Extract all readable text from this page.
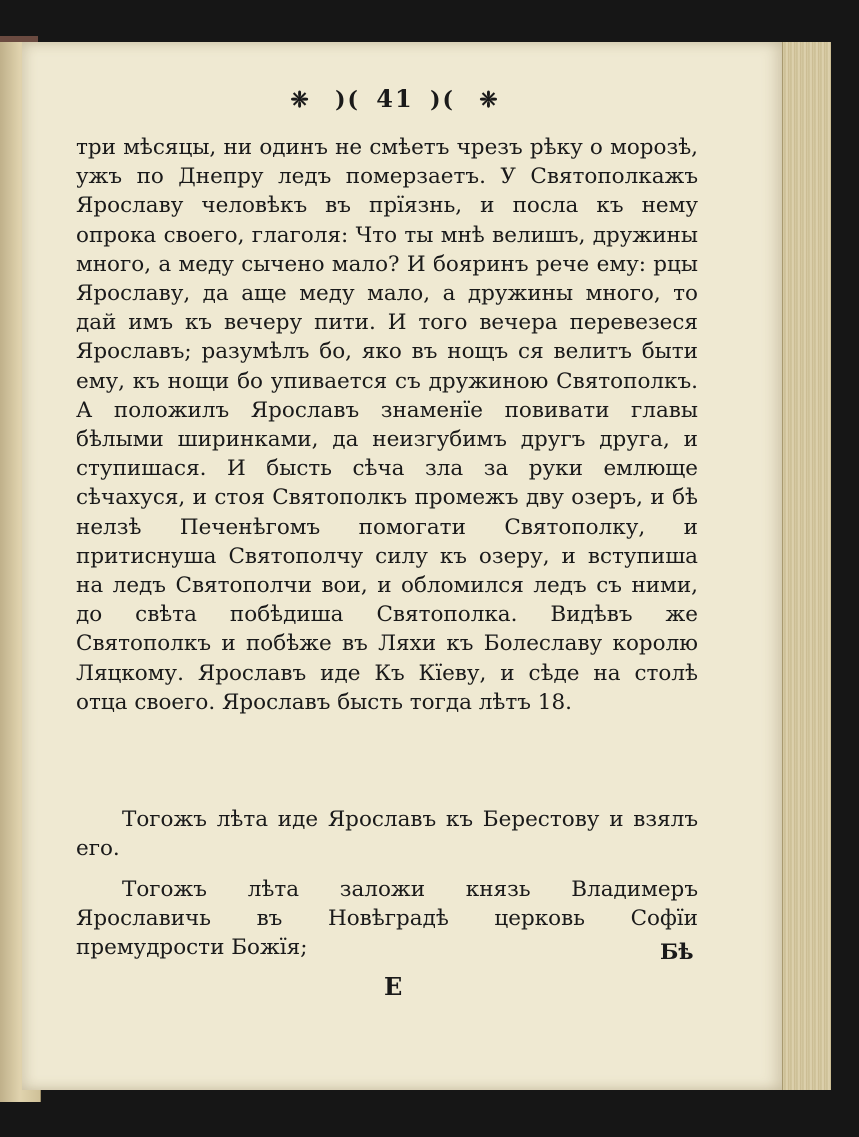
❈ )( 41 )( ❈
три мѣсяцы, ни одинъ не смѣетъ чрезъ рѣку о морозѣ, ужъ по Днепру ледъ померзаетъ. У Святополкажъ Ярославу человѣкъ въ прїязнь, и посла къ нему опрока своего, глаголя: Что ты мнѣ велишъ, дружины много, а меду сычено мало? И бояринъ рече ему: рцы Ярославу, да аще меду мало, а дружины много, то дай имъ къ вечеру пити. И того вечера перевезеся Ярославъ; разумѣлъ бо, яко въ нощъ ся велитъ быти ему, къ нощи бо упивается съ дружиною Святополкъ. А положилъ Ярославъ знаменїе повивати главы бѣлыми ширинками, да неизгубимъ другъ друга, и ступишася. И бысть сѣча зла за руки емлюще сѣчахуся, и стоя Святополкъ промежъ дву озеръ, и бѣ нелзѣ Печенѣгомъ помогати Святополку, и притиснуша Святополчу силу къ озеру, и вступиша на ледъ Святополчи вои, и обломился ледъ съ ними, до свѣта побѣдиша Святополка. Видѣвъ же Святополкъ и побѣже въ Ляхи къ Болеславу королю Ляцкому. Ярославъ иде Къ Кїеву, и сѣде на столѣ отца своего. Ярославъ бысть тогда лѣтъ 18.
Тогожъ лѣта иде Ярославъ къ Берестову и взялъ его.
Тогожъ лѣта заложи князь Владимеръ Ярославичь въ Новѣградѣ церковь Софїи премудрости Божїя;	Бѣ
Е
